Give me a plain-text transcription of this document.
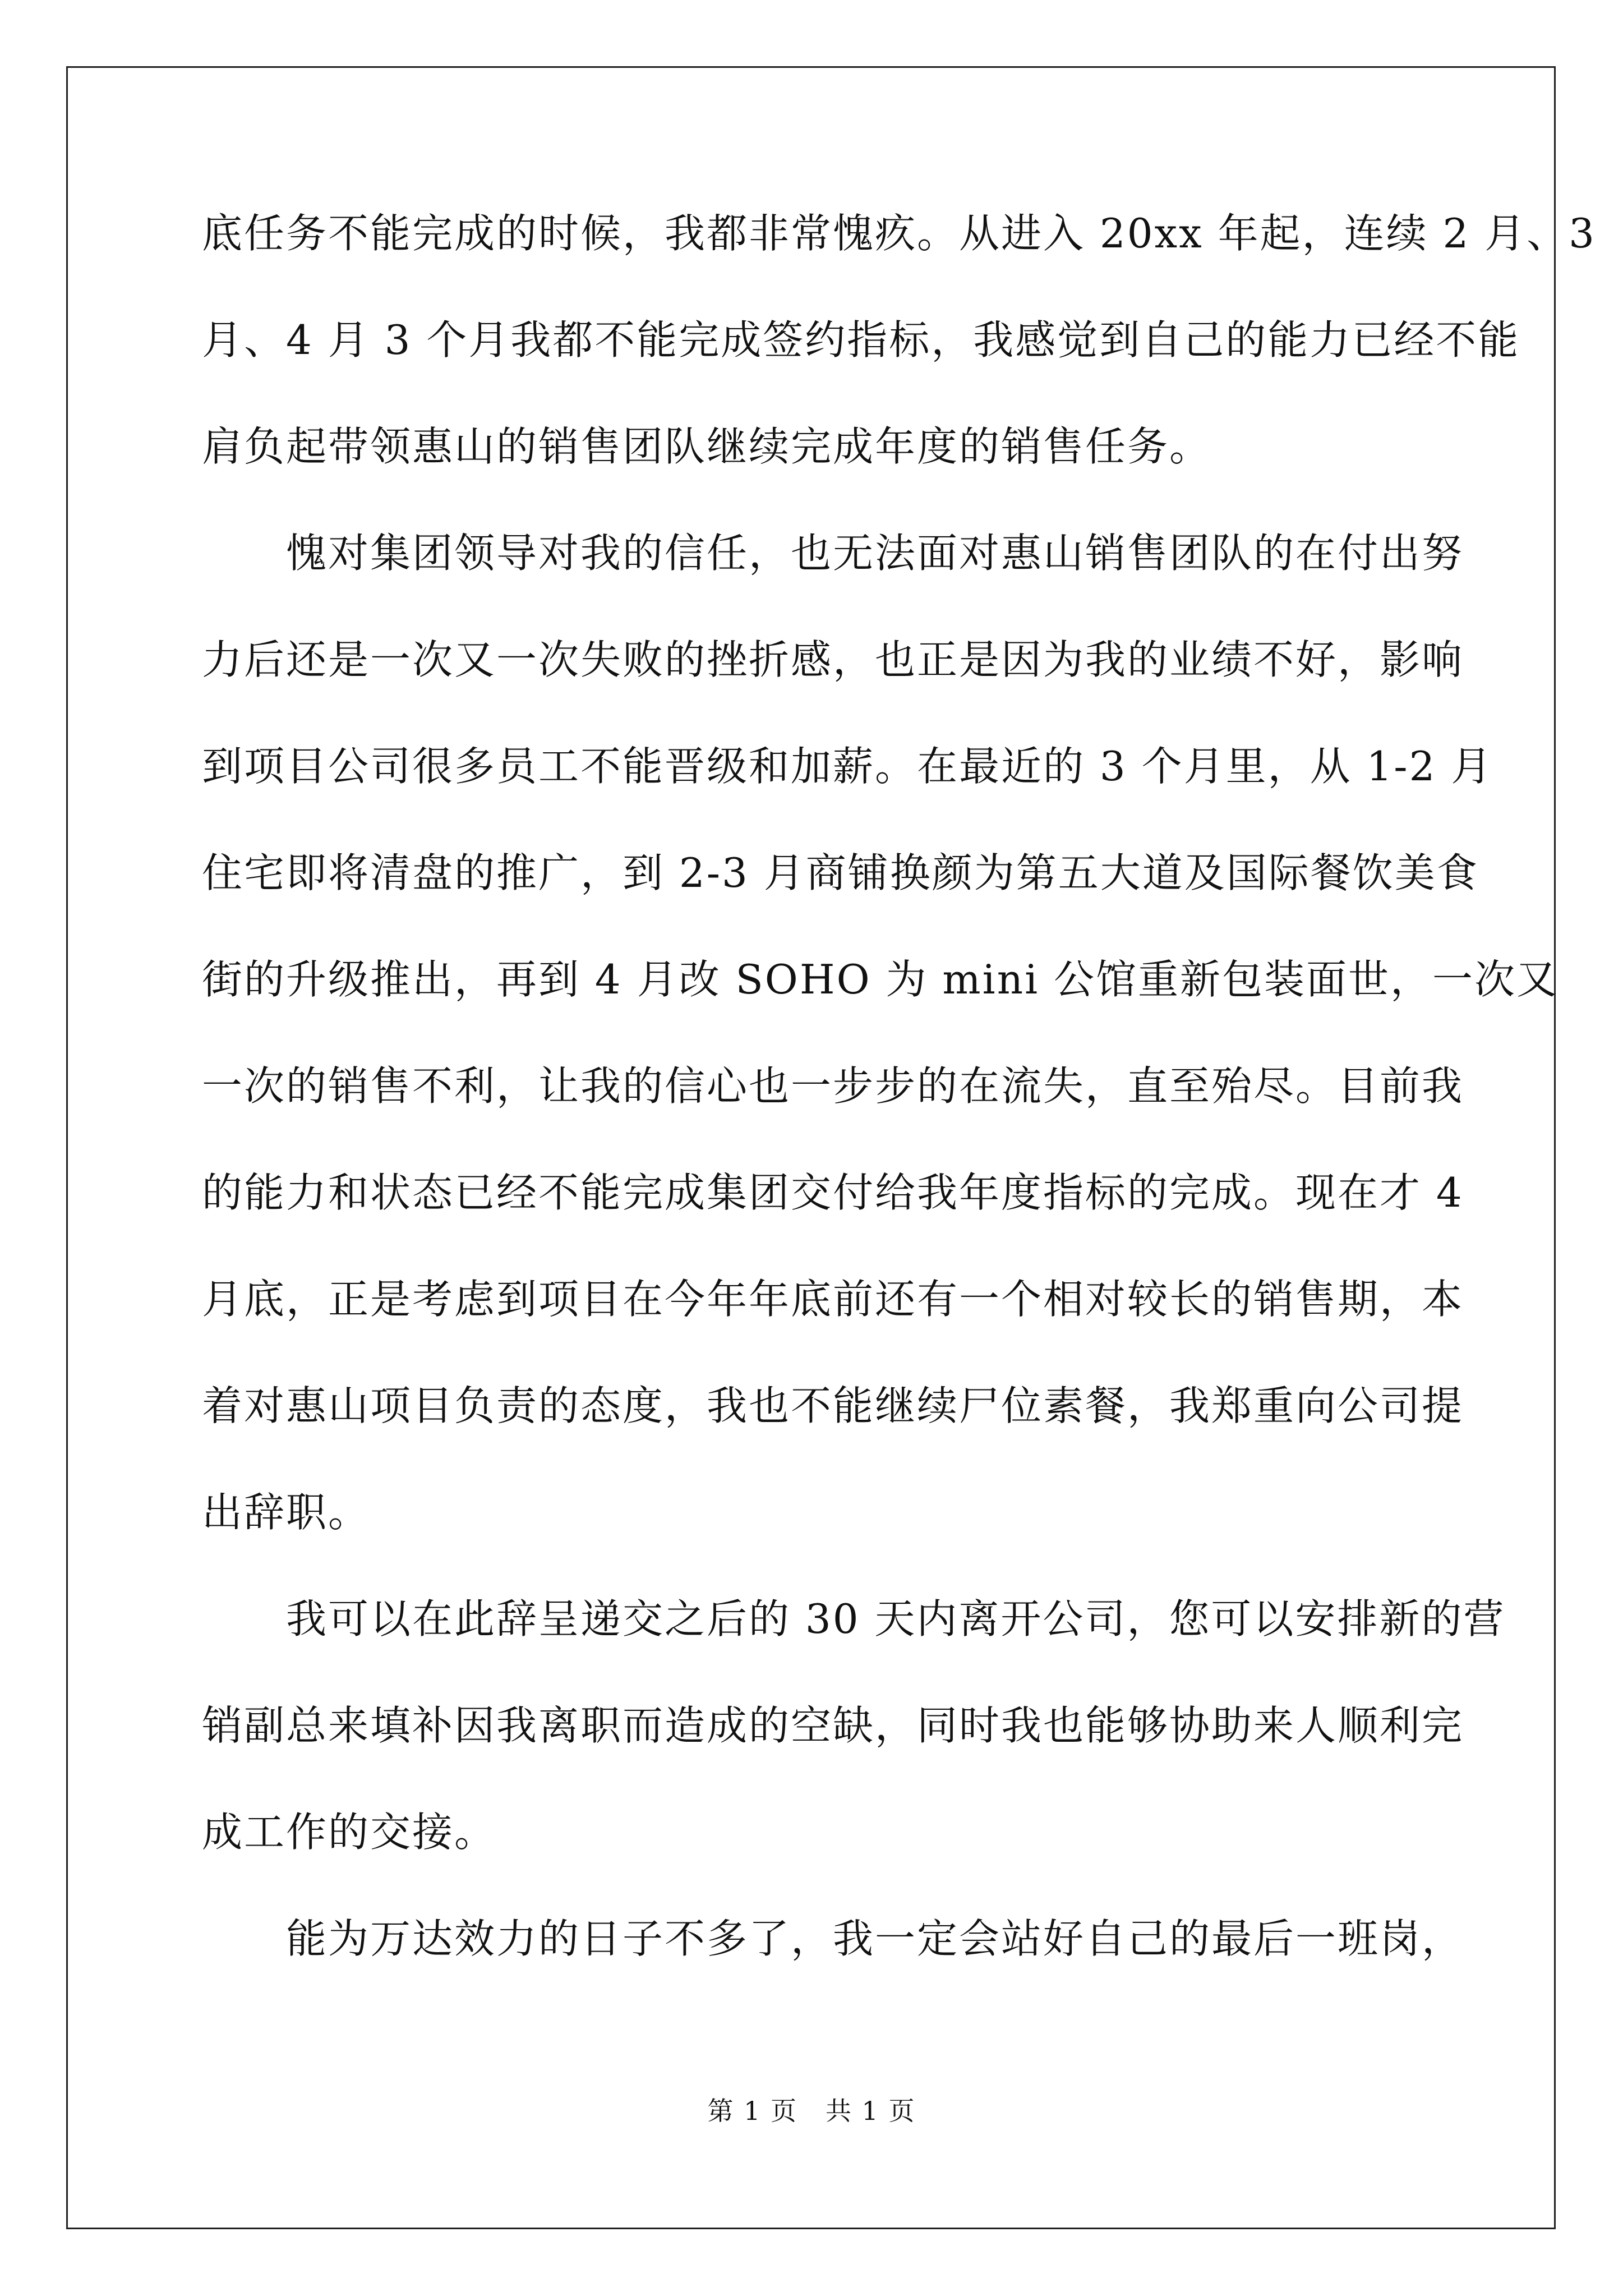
底任务不能完成的时候，我都非常愧疚。从进入 20xx 年起，连续 2 月、3
月、4 月 3 个月我都不能完成签约指标，我感觉到自己的能力已经不能
肩负起带领惠山的销售团队继续完成年度的销售任务。
愧对集团领导对我的信任，也无法面对惠山销售团队的在付出努
力后还是一次又一次失败的挫折感，也正是因为我的业绩不好，影响
到项目公司很多员工不能晋级和加薪。在最近的 3 个月里，从 1-2 月
住宅即将清盘的推广，到 2-3 月商铺换颜为第五大道及国际餐饮美食
街的升级推出，再到 4 月改 SOHO 为 mini 公馆重新包装面世，一次又
一次的销售不利，让我的信心也一步步的在流失，直至殆尽。目前我
的能力和状态已经不能完成集团交付给我年度指标的完成。现在才 4
月底，正是考虑到项目在今年年底前还有一个相对较长的销售期，本
着对惠山项目负责的态度，我也不能继续尸位素餐，我郑重向公司提
出辞职。
我可以在此辞呈递交之后的 30 天内离开公司，您可以安排新的营
销副总来填补因我离职而造成的空缺，同时我也能够协助来人顺利完
成工作的交接。
能为万达效力的日子不多了，我一定会站好自己的最后一班岗，
第 1 页 共 1 页
